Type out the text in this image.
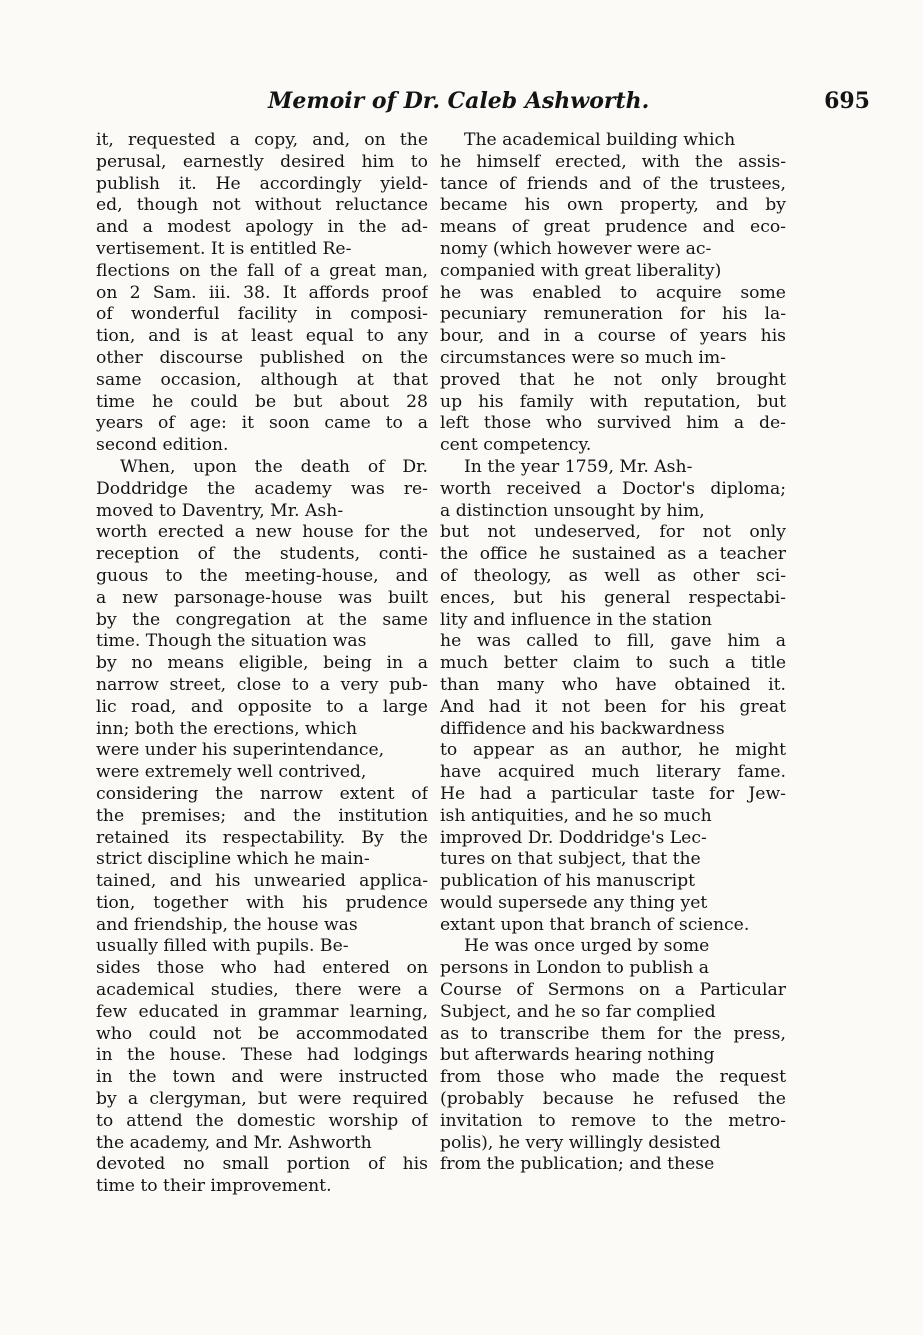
Memoir of Dr. Caleb Ashworth.	695
it, requested a copy, and, on the
perusal, earnestly desired him to
publish it. He accordingly yield-
ed, though not without reluctance
and a modest apology in the ad-
vertisement. It is entitled Re-
flections on the fall of a great man,
on 2 Sam. iii. 38. It affords proof
of wonderful facility in composi-
tion, and is at least equal to any
other discourse published on the
same occasion, although at that
time he could be but about 28
years of age: it soon came to a
second edition.
When, upon the death of Dr.
Doddridge the academy was re-
moved to Daventry, Mr. Ash-
worth erected a new house for the
reception of the students, conti-
guous to the meeting-house, and
a new parsonage-house was built
by the congregation at the same
time. Though the situation was
by no means eligible, being in a
narrow street, close to a very pub-
lic road, and opposite to a large
inn; both the erections, which
were under his superintendance,
were extremely well contrived,
considering the narrow extent of
the premises; and the institution
retained its respectability. By the
strict discipline which he main-
tained, and his unwearied applica-
tion, together with his prudence
and friendship, the house was
usually filled with pupils. Be-
sides those who had entered on
academical studies, there were a
few educated in grammar learning,
who could not be accommodated
in the house. These had lodgings
in the town and were instructed
by a clergyman, but were required
to attend the domestic worship of
the academy, and Mr. Ashworth
devoted no small portion of his
time to their improvement.
The academical building which
he himself erected, with the assis-
tance of friends and of the trustees,
became his own property, and by
means of great prudence and eco-
nomy (which however were ac-
companied with great liberality)
he was enabled to acquire some
pecuniary remuneration for his la-
bour, and in a course of years his
circumstances were so much im-
proved that he not only brought
up his family with reputation, but
left those who survived him a de-
cent competency.
In the year 1759, Mr. Ash-
worth received a Doctor's diploma;
a distinction unsought by him,
but not undeserved, for not only
the office he sustained as a teacher
of theology, as well as other sci-
ences, but his general respectabi-
lity and influence in the station
he was called to fill, gave him a
much better claim to such a title
than many who have obtained it.
And had it not been for his great
diffidence and his backwardness
to appear as an author, he might
have acquired much literary fame.
He had a particular taste for Jew-
ish antiquities, and he so much
improved Dr. Doddridge's Lec-
tures on that subject, that the
publication of his manuscript
would supersede any thing yet
extant upon that branch of science.
He was once urged by some
persons in London to publish a
Course of Sermons on a Particular
Subject, and he so far complied
as to transcribe them for the press,
but afterwards hearing nothing
from those who made the request
(probably because he refused the
invitation to remove to the metro-
polis), he very willingly desisted
from the publication; and these
